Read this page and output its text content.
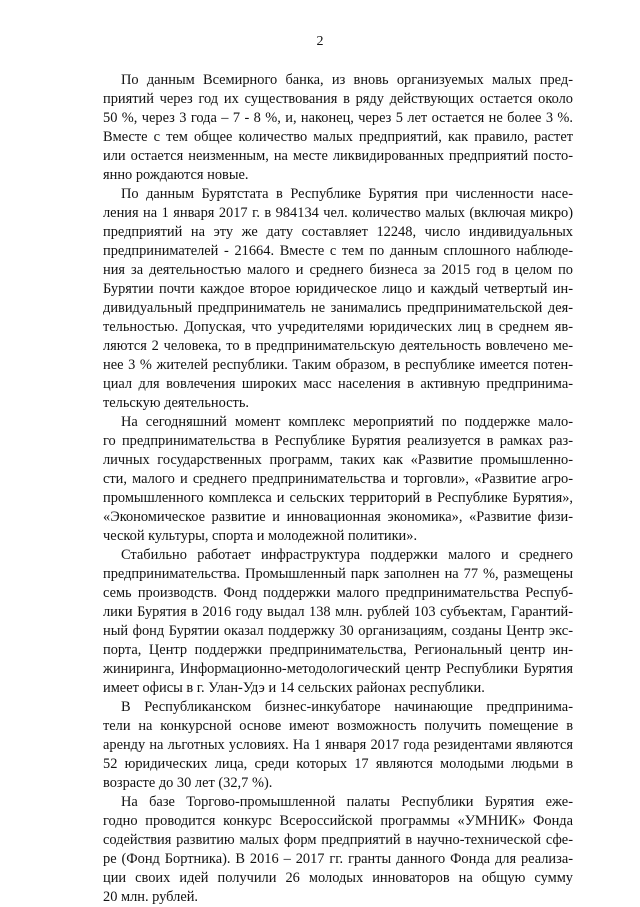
2
По данным Всемирного банка, из вновь организуемых малых пред-
приятий через год их существования в ряду действующих остается около
50 %, через 3 года – 7 - 8 %, и, наконец, через 5 лет остается не более 3 %.
Вместе с тем общее количество малых предприятий, как правило, растет
или остается неизменным, на месте ликвидированных предприятий посто-
янно рождаются новые.
По данным Бурятстата в Республике Бурятия при численности насе-
ления на 1 января 2017 г. в 984134 чел. количество малых (включая микро)
предприятий на эту же дату составляет 12248, число индивидуальных
предпринимателей - 21664. Вместе с тем по данным сплошного наблюде-
ния за деятельностью малого и среднего бизнеса за 2015 год в целом по
Бурятии почти каждое второе юридическое лицо и каждый четвертый ин-
дивидуальный предприниматель не занимались предпринимательской дея-
тельностью. Допуская, что учредителями юридических лиц в среднем яв-
ляются 2 человека, то в предпринимательскую деятельность вовлечено ме-
нее 3 % жителей республики. Таким образом, в республике имеется потен-
циал для вовлечения широких масс населения в активную предпринима-
тельскую деятельность.
На сегодняшний момент комплекс мероприятий по поддержке мало-
го предпринимательства в Республике Бурятия реализуется в рамках раз-
личных государственных программ, таких как «Развитие промышленно-
сти, малого и среднего предпринимательства и торговли», «Развитие агро-
промышленного комплекса и сельских территорий в Республике Бурятия»,
«Экономическое развитие и инновационная экономика», «Развитие физи-
ческой культуры, спорта и молодежной политики».
Стабильно работает инфраструктура поддержки малого и среднего
предпринимательства. Промышленный парк заполнен на 77 %, размещены
семь производств. Фонд поддержки малого предпринимательства Респуб-
лики Бурятия в 2016 году выдал 138 млн. рублей 103 субъектам, Гарантий-
ный фонд Бурятии оказал поддержку 30 организациям, созданы Центр экс-
порта, Центр поддержки предпринимательства, Региональный центр ин-
жиниринга, Информационно-методологический центр Республики Бурятия
имеет офисы в г. Улан-Удэ и 14 сельских районах республики.
В Республиканском бизнес-инкубаторе начинающие предпринима-
тели на конкурсной основе имеют возможность получить помещение в
аренду на льготных условиях. На 1 января 2017 года резидентами являются
52 юридических лица, среди которых 17 являются молодыми людьми в
возрасте до 30 лет (32,7 %).
На базе Торгово-промышленной палаты Республики Бурятия еже-
годно проводится конкурс Всероссийской программы «УМНИК» Фонда
содействия развитию малых форм предприятий в научно-технической сфе-
ре (Фонд Бортника). В 2016 – 2017 гг. гранты данного Фонда для реализа-
ции своих идей получили 26 молодых инноваторов на общую сумму
20 млн. рублей.
